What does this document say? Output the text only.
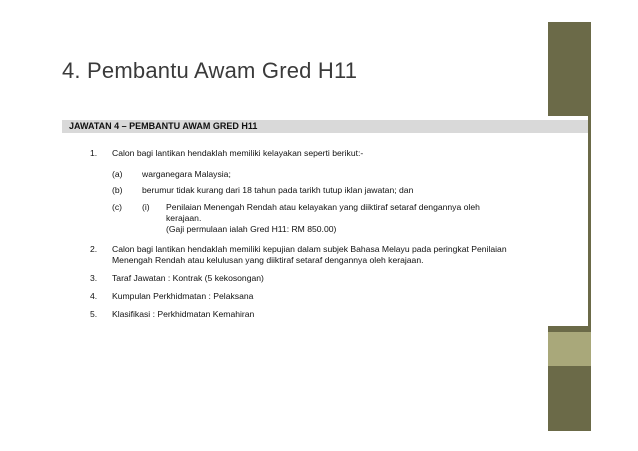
4. Pembantu Awam Gred H11
JAWATAN 4 – PEMBANTU AWAM GRED H11
1. Calon bagi lantikan hendaklah memiliki kelayakan seperti berikut:-
(a) warganegara Malaysia;
(b) berumur tidak kurang dari 18 tahun pada tarikh tutup iklan jawatan; dan
(c) (i) Penilaian Menengah Rendah atau kelayakan yang diiktiraf setaraf dengannya oleh
kerajaan.
(Gaji permulaan ialah Gred H11: RM 850.00)
2. Calon bagi lantikan hendaklah memiliki kepujian dalam subjek Bahasa Melayu pada peringkat Penilaian
Menengah Rendah atau kelulusan yang diiktiraf setaraf dengannya oleh kerajaan.
3. Taraf Jawatan : Kontrak (5 kekosongan)
4. Kumpulan Perkhidmatan : Pelaksana
5. Klasifikasi : Perkhidmatan Kemahiran
